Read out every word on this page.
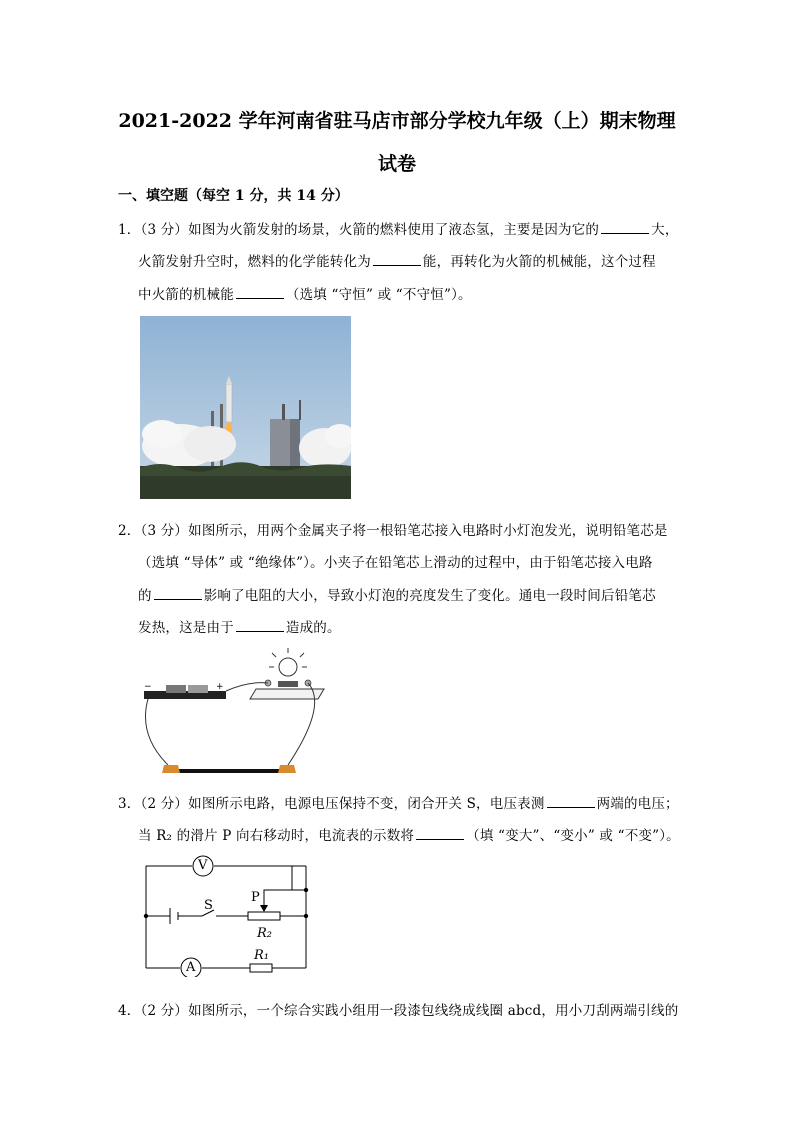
2021-2022 学年河南省驻马店市部分学校九年级（上）期末物理
试卷
一、填空题（每空 1 分，共 14 分）
1．（3 分）如图为火箭发射的场景，火箭的燃料使用了液态氢，主要是因为它的	大，
火箭发射升空时，燃料的化学能转化为	能，再转化为火箭的机械能，这个过程
中火箭的机械能	（选填 “守恒” 或 “不守恒”）。
2．（3 分）如图所示，用两个金属夹子将一根铅笔芯接入电路时小灯泡发光，说明铅笔芯是
（选填 “导体” 或 “绝缘体”）。小夹子在铅笔芯上滑动的过程中，由于铅笔芯接入电路
的	影响了电阻的大小，导致小灯泡的亮度发生了变化。通电一段时间后铅笔芯
发热，这是由于	造成的。
−	+
3．（2 分）如图所示电路，电源电压保持不变，闭合开关 S，电压表测	两端的电压；
当 R₂ 的滑片 P 向右移动时，电流表的示数将	（填 “变大”、“变小” 或 “不变”）。
V
A
S
P
R₂
R₁
4．（2 分）如图所示，一个综合实践小组用一段漆包线绕成线圈 abcd，用小刀刮两端引线的
